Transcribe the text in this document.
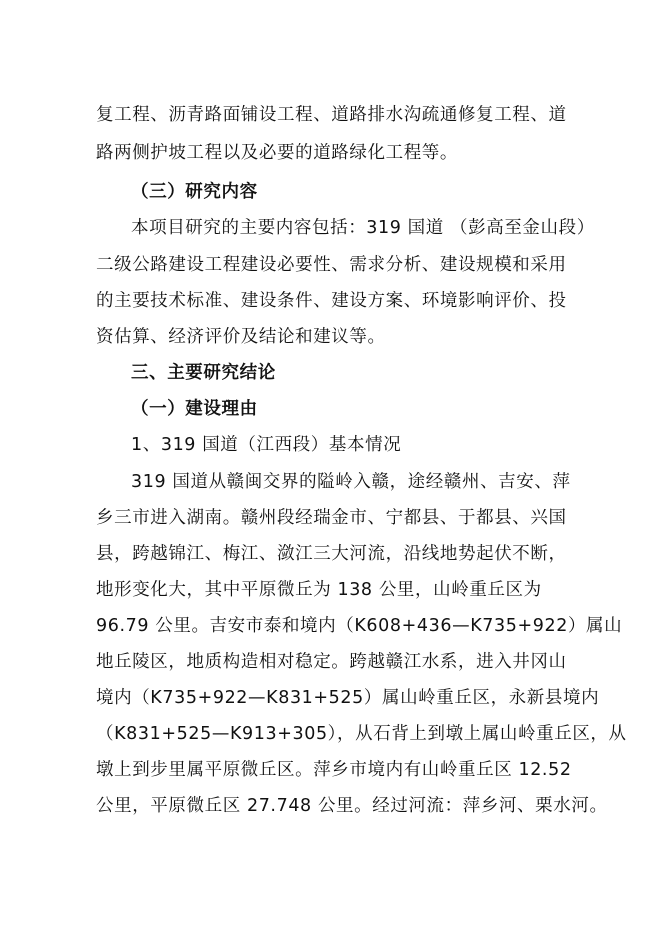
复工程、沥青路面铺设工程、道路排水沟疏通修复工程、道
路两侧护坡工程以及必要的道路绿化工程等。
（三）研究内容
本项目研究的主要内容包括：319 国道 （彭高至金山段）
二级公路建设工程建设必要性、需求分析、建设规模和采用
的主要技术标准、建设条件、建设方案、环境影响评价、投
资估算、经济评价及结论和建议等。
三、主要研究结论
（一）建设理由
1、319 国道（江西段）基本情况
319 国道从赣闽交界的隘岭入赣，途经赣州、吉安、萍
乡三市进入湖南。赣州段经瑞金市、宁都县、于都县、兴国
县，跨越锦江、梅江、潋江三大河流，沿线地势起伏不断，
地形变化大，其中平原微丘为 138 公里，山岭重丘区为
96.79 公里。吉安市泰和境内（K608+436—K735+922）属山
地丘陵区，地质构造相对稳定。跨越赣江水系，进入井冈山
境内（K735+922—K831+525）属山岭重丘区，永新县境内
（K831+525—K913+305），从石背上到墩上属山岭重丘区，从
墩上到步里属平原微丘区。萍乡市境内有山岭重丘区 12.52
公里，平原微丘区 27.748 公里。经过河流：萍乡河、栗水河。
